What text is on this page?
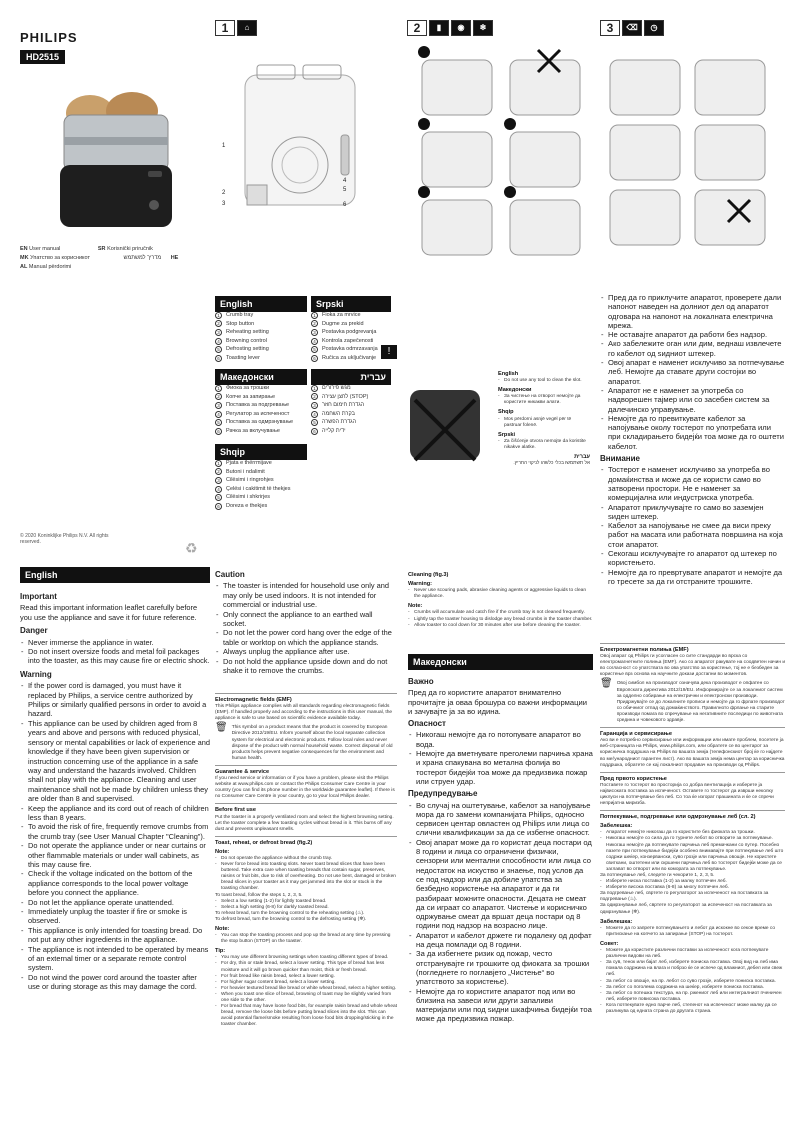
PHILIPS
HD2515
EN User manual	SR Korisnički priručnik
MK Упатство за корисникот	מדריך למשתמש HE
AL Manual përdorimi
1	⌂
1
2
3
4
5
6
2	▮	◉	❄	3	⌫	◷
English
1	Crumb tray
2	Stop button
3	Reheating setting
4	Browning control
5	Defrosting setting
6	Toasting lever
Srpski
1	Fioka za mrvice
2	Dugme za prekid
3	Postavka podgrevanja
4	Kontrola zapečenosti
5	Postavka odmrzavanja
6	Ručica za uključivanje
Македонски
1	Фиока за трошки
2	Копче за запирање
3	Поставка за подгревање
4	Регулатор за испеченост
5	Поставка за одмрзнување
6	Рачка за вклучување
עברית
1	מגש פירורים
2	לחצן עצירה (STOP)
3	הגדרת חימום חוזר
4	בקרת השחמה
5	הגדרת הפשרה
6	ידית קלייה
Shqip
1	Pjata e thërrmijave
2	Butoni i ndalimit
3	Cilësimi i ringrohjes
4	Çelësi i cakitimit të thekjes
5	Cilësimi i shkrirjes
6	Doreza e thekjes
!
English
- Do not use any tool to clean the slot.
Македонски
- За чистење на отворот немојте да користите никакви алати.
Shqip
- Mos përdorni asnjë vegël për të pastruar folenë.
Srpski
- Za čišćenje otvora nemojte da koristite nikakve alatke.
עברית
אל תשתמשו בכלי כלשהו לניקוי החריץ.
© 2020 Koninklijke Philips N.V. All rights reserved.	♻
English
Important

Read this important information leaflet carefully before you use the appliance and save it for future reference.

Danger
- Never immerse the appliance in water.
- Do not insert oversize foods and metal foil packages into the toaster, as this may cause fire or electric shock.
Warning
- If the power cord is damaged, you must have it replaced by Philips, a service centre authorized by Philips or similarly qualified persons in order to avoid a hazard.
- This appliance can be used by children aged from 8 years and above and persons with reduced physical, sensory or mental capabilities or lack of experience and knowledge if they have been given supervision or instruction concerning use of the appliance in a safe way and understand the hazards involved. Children shall not play with the appliance. Cleaning and user maintenance shall not be made by children unless they are older than 8 and supervised.
- Keep the appliance and its cord out of reach of children less than 8 years.
- To avoid the risk of fire, frequently remove crumbs from the crumb tray (see User Manual Chapter "Cleaning").
- Do not operate the appliance under or near curtains or other flammable materials or under wall cabinets, as this may cause fire.
- Check if the voltage indicated on the bottom of the appliance corresponds to the local power voltage before you connect the appliance.
- Do not let the appliance operate unattended.
- Immediately unplug the toaster if fire or smoke is observed.
- This appliance is only intended for toasting bread. Do not put any other ingredients in the appliance.
- The appliance is not intended to be operated by means of an external timer or a separate remote control system.
- Do not wind the power cord around the toaster after use or during storage as this may damage the cord.
Caution
- The toaster is intended for household use only and may only be used indoors. It is not intended for commercial or industrial use.
- Only connect the appliance to an earthed wall socket.
- Do not let the power cord hang over the edge of the table or worktop on which the appliance stands.
- Always unplug the appliance after use.
- Do not hold the appliance upside down and do not shake it to remove the crumbs.
Electromagnetic fields (EMF)

This Philips appliance complies with all standards regarding electromagnetic fields (EMF). If handled properly and according to the instructions in this user manual, the appliance is safe to use based on scientific evidence available today.

🗑 This symbol on a product means that the product is covered by European Directive 2012/19/EU. Inform yourself about the local separate collection system for electrical and electronic products. Follow local rules and never dispose of the product with normal household waste. Correct disposal of old products helps prevent negative consequences for the environment and human health.
Guarantee & service

If you need service or information or if you have a problem, please visit the Philips website at www.philips.com or contact the Philips Consumer Care Centre in your country (you can find its phone number in the worldwide guarantee leaflet). If there is no Consumer Care Centre in your country, go to your local Philips dealer.

Before first use

Put the toaster in a properly ventilated room and select the highest browning setting. Let the toaster complete a few toasting cycles without bread in it. This burns off any dust and prevents unpleasant smells.

Toast, reheat, or defrost bread (fig.2)
Note:
- Do not operate the appliance without the crumb tray.
- Never force bread into toasting slots. Never toast bread slices that have been buttered. Take extra care when toasting breads that contain sugar, preserves, raisins or fruit bits, due to risk of overheating. Do not use bent, damaged or broken bread slices in your toaster as it may get jammed into the slot or stuck in the toasting chamber.

To toast bread, follow the steps 1, 2, 3, 5.

- Select a low setting (1-2) for lightly toasted bread.
- Select a high setting (6-8) for darkly toasted bread.

To reheat bread, turn the browning control to the reheating setting (♨).

To defrost bread, turn the browning control to the defrosting setting (❄).

Note:
- You can stop the toasting process and pop up the bread at any time by pressing the stop button (STOP) on the toaster.
Tip:
- You may use different browning settings when toasting different types of bread.
- For dry, thin or stale bread, select a lower setting. This type of bread has less moisture and it will go brown quicker than moist, thick or fresh bread.
- For fruit bread like raisin bread, select a lower setting.
- For higher sugar content bread, select a lower setting.
- For heavier textured bread like bread or white wheat bread, select a higher setting.
- When you toast one slice of bread, browning of toast may be slightly varied from one side to the other.
- For bread that may have loose food bits, for example raisin bread and whole wheat bread, remove the loose bits before putting bread slices into the slot. This can avoid potential flame/smoke resulting from loose food bits dropping/sticking in the toaster chamber.
Cleaning (fig.3)
Warning:
- Never use scouring pads, abrasive cleaning agents or aggressive liquids to clean the appliance.
Note:
- Crumbs will accumulate and catch fire if the crumb tray is not cleaned frequently.
- Lightly tap the toaster housing to dislodge any bread crumbs in the toaster chamber.
- Allow toaster to cool down for 30 minutes after use before cleaning the toaster.
Македонски
Важно

Пред да го користите апаратот внимателно прочитајте ја оваа брошура со важни информации и зачувајте ја за во идина.

Опасност
- Никогаш немојте да го потопувате апаратот во вода.
- Немојте да вметнувате преголеми парчиња храна и храна спакувана во метална фолија во тостерот бидејќи тоа може да предизвика пожар или струен удар.
Предупредување
- Во случај на оштетување, кабелот за напојување мора да го замени компанијата Philips, односно сервисен центар овластен од Philips или лица со слични квалификации за да се избегне опасност.
- Овој апарат може да го користат деца постари од 8 години и лица со ограничени физички, сензорни или ментални способности или лица со недостаток на искуство и знаење, под услов да се под надзор или да добиле упатства за безбедно користење на апаратот и да ги разбираат можните опасности. Децата не смеат да си играат со апаратот. Чистење и корисничко одржување смеат да вршат деца постари од 8 години под надзор на возрасно лице.
- Апаратот и кабелот држете ги подалеку од дофат на деца помлади од 8 години.
- За да избегнете ризик од пожар, често отстранувајте ги трошките од фиоката за трошки (погледнете го поглавјето „Чистење“ во упатството за користење).
- Немојте да го користите апаратот под или во близина на завеси или други запаливи материјали или под ѕидни шкафчиња бидејќи тоа може да предизвика пожар.
- Пред да го приклучите апаратот, проверете дали напонот наведен на долниот дел од апаратот одговара на напонот на локалната електрична мрежа.
- Не оставајте апаратот да работи без надзор.
- Ако забележите оган или дим, веднаш извлечете го кабелот од ѕидниот штекер.
- Овој апарат е наменет исклучиво за потпечување леб. Немојте да ставате други состојки во апаратот.
- Апаратот не е наменет за употреба со надворешен тајмер или со засебен систем за далечинско управување.
- Немојте да го превиткувате кабелот за напојување околу тостерот по употребата или при складирањето бидејќи тоа може да го оштети кабелот.
Внимание
- Тостерот е наменет исклучиво за употреба во домаќинства и може да се користи само во затворени простори. Не е наменет за комерцијална или индустриска употреба.
- Апаратот приклучувајте го само во заземјен ѕиден штекер.
- Кабелот за напојување не смее да виси преку работ на масата или работната површина на која стои апаратот.
- Секогаш исклучувајте го апаратот од штекер по користењето.
- Немојте да го превртувате апаратот и немојте да го тресете за да ги отстраните трошките.
Електромагнетни полиња (EMF)

Овој апарат од Philips ги усогласен со сите стандарди во врска со електромагнетните полиња (EMF). Ако со апаратот ракувате на соодветен начин и во согласност со упатствата во ова упатство за користење, тој не е безбеден за користење врз основа на научните докази достапни во моментов.

🗑 Овој симбол на производот означува дека производот е опфатен со Европската директива 2012/19/EU. Информирајте се за локалниот систем за одделно собирање на електрични и електронски производи. Придржувајте се до локалните прописи и немојте да го фрлате производот со обичниот отпад од домаќинството. Правилното фрлање на старите производи помага во спречување на негативните последици по животната средина и човековото здравје.
Гаранција и сервисирање

Ако ви е потребно сервисирање или информации или имате проблем, посетете ја веб-страницата на Philips, www.philips.com, или обратете се во центарот за корисничка поддршка на Philips во вашата земја (телефонскиот број ќе го најдете во меѓународниот гарантен лист). Ако во вашата земја нема центар за корисничка поддршка, обратете се кај локалниот продавач на производи од Philips.

Пред првото користење

Поставете го тостерот во просторија со добра вентилација и изберете ја највисоката поставка за испеченост. Оставете го тостерот да изврши неколку циклуси на потпечување без леб. Со тоа ќе изгорат прашината и ќе се спречи непријатна миризба.

Потпекување, подгревање или одмрзнување леб (сл. 2)
Забелешка:
- Апаратот немојте никогаш да го користите без фиоката за трошки.
- Никогаш немојте со сила да го турнете лебот во отворите за потпекување. Никогаш немојте да потпекувате парчиња леб премачкани со путер. Посебно пазете при потпекување бидејќи особено внимавајте при потпекување леб што содржи шеќер, конзервански, суво грозје или парчиња овошје. Не користете свиткани, оштетени или скршени парчиња леб во тостерот бидејќи може да се заглават во отворот или во комората за потпекување.

За потпекување леб, следете ги чекорите 1, 2, 3, 5.

- Изберете ниска поставка (1-2) за малку потпечен леб.
- Изберете висока поставка (6-8) за многу потпечен леб.

За подгревање леб, свртете го регулаторот за испеченост на поставката за подгревање (♨).

За одмрзнување леб, свртете го регулаторот за испеченост на поставката за одмрзнување (❄).

Забелешка:
- Можете да го запрете потпекувањето и лебот да искокне во секое време со притискање на копчето за запирање (STOP) на тостерот.
Совет:
- Можете да користите различни поставки за испеченост кога потпекувате различни видови на леб.
- За сув, тенок или бајат леб, изберете пониска поставка. Овој вид на леб има помала содржина на влага и побрзо ќе се испече од влажниот, дебел или свеж леб.
- За лебот со овошје, на пр. лебот со суво грозје, изберете пониска поставка.
- За лебот со поголема содржина на шеќер, изберете пониска поставка.
- За лебот со потешка текстура, на пр. ржениот леб или интегралниот пченичен леб, изберете повисока поставка.
- Кога потпекувате едно парче леб, степенот на испеченост може малку да се разликува од едната страна до другата страна.
